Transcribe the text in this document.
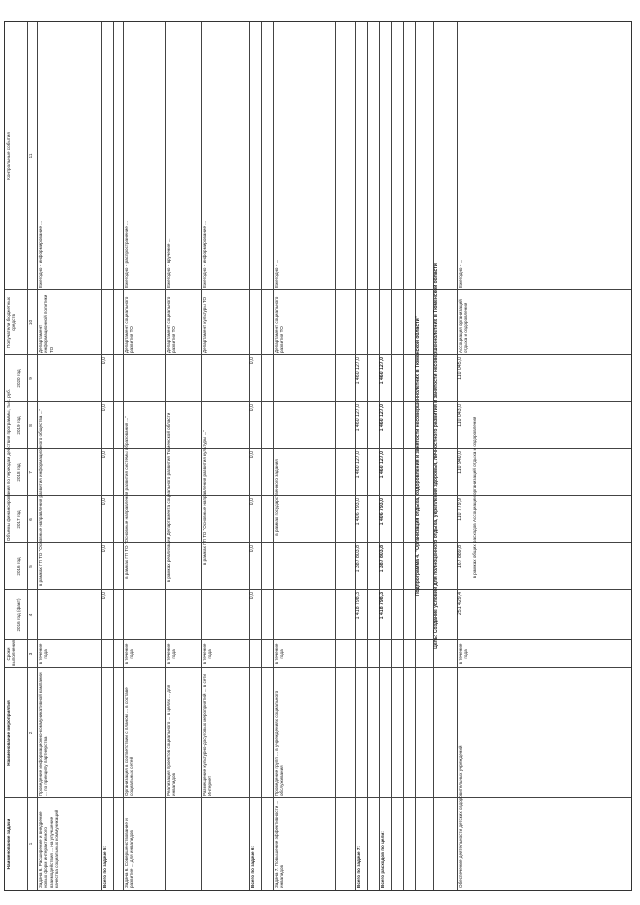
Наименование задачи
Наименование мероприятия
Сроки выполнения
Объемы финансирования по периодам действия программы, тыс. руб.
2016 год (факт)
2016 год
2017 год
2018 год
2019 год
2020 год
Получатели бюджетных средств
Контрольные события
1
2
3
4
5
6
7
8
9
10
11
Задача 6. Расширение и внедрение новых форм интерактивного взаимодействия ... на улучшение качества социальных коммуникаций
Проведение информационно-коммуникативной кампании ... по принципу партнерства
в течение года
в рамках ГП ТО "Основные направления развития информационного общества ..."
Департамент информационной политики ТО
Ежегодно - информирование ...
Всего по задаче 5:
0,0
0,0
0,0
0,0
0,0
0,0
Задача 6. Совершенствование и развитие ... для инвалидов
Организация в соответствии с планом ... в составе социальных сетей
в течение года
в рамках ГП ТО "Основные направления развития системы образования ..."
Департамент социального развития ТО
Ежегодно - распространение ...
Реализация проектов социального ... в целях ... для инвалидов
в течение года
в рамках реализации Департамента социального развития Тюменской области
Департамент социального развития ТО
Ежегодно - вручение ...
Размещение культурно-досуговых мероприятий ... в сети Интернет
в течение года
в рамках ГП ТО "Основные направления развития культуры ..."
Департамент культуры ТО
Ежегодно - информирование ...
Всего по задаче 6:
0,0
0,0
0,0
0,0
0,0
0,0
Задача 7. Повышение эффективности ... инвалидов
Проведение групп ... в учреждениях социального обслуживания
в течение года
в рамках государственного задания
Департамент социального развития ТО
Ежегодно - ...
Всего по задаче 7:
1 418 798,3
1 387 803,8
1 406 793,0
1 460 127,0
1 460 127,0
1 460 127,0
Всего расходов по цели:
1 418 798,3
1 387 803,8
1 406 793,0
1 460 127,0
1 460 127,0
1 460 127,0	Подпрограмма 4. "Организация отдыха, оздоровления и занятости несовершеннолетних в Тюменской области"	Цель: Создание условий для полноценного отдыха, укрепления здоровья, личностного развития и занятости несовершеннолетних в Тюменской области
Обеспечение деятельности детских оздоровительных учреждений
в течение года
251 429,4
167 889,8
110 779,9
110 940,0
110 043,0
110 045,0
в рамках общих расходов Ассоциации организаций отдыха и оздоровления
Ассоциация организаций отдыха и оздоровления
Ежегодно - ...
